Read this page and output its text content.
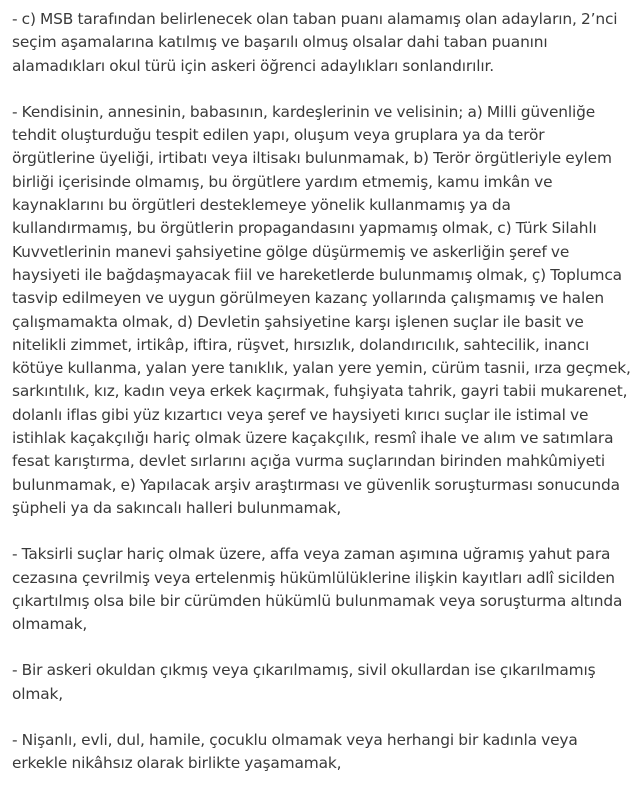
- c) MSB tarafından belirlenecek olan taban puanı alamamış olan adayların, 2’nci seçim aşamalarına katılmış ve başarılı olmuş olsalar dahi taban puanını alamadıkları okul türü için askeri öğrenci adaylıkları sonlandırılır.

- Kendisinin, annesinin, babasının, kardeşlerinin ve velisinin; a) Milli güvenliğe tehdit oluşturduğu tespit edilen yapı, oluşum veya gruplara ya da terör örgütlerine üyeliği, irtibatı veya iltisakı bulunmamak, b) Terör örgütleriyle eylem birliği içerisinde olmamış, bu örgütlere yardım etmemiş, kamu imkân ve kaynaklarını bu örgütleri desteklemeye yönelik kullanmamış ya da kullandırmamış, bu örgütlerin propagandasını yapmamış olmak, c) Türk Silahlı Kuvvetlerinin manevi şahsiyetine gölge düşürmemiş ve askerliğin şeref ve haysiyeti ile bağdaşmayacak fiil ve hareketlerde bulunmamış olmak, ç) Toplumca tasvip edilmeyen ve uygun görülmeyen kazanç yollarında çalışmamış ve halen çalışmamakta olmak, d) Devletin şahsiyetine karşı işlenen suçlar ile basit ve nitelikli zimmet, irtikâp, iftira, rüşvet, hırsızlık, dolandırıcılık, sahtecilik, inancı kötüye kullanma, yalan yere tanıklık, yalan yere yemin, cürüm tasnii, ırza geçmek, sarkıntılık, kız, kadın veya erkek kaçırmak, fuhşiyata tahrik, gayri tabii mukarenet, dolanlı iflas gibi yüz kızartıcı veya şeref ve haysiyeti kırıcı suçlar ile istimal ve istihlak kaçakçılığı hariç olmak üzere kaçakçılık, resmî ihale ve alım ve satımlara fesat karıştırma, devlet sırlarını açığa vurma suçlarından birinden mahkûmiyeti bulunmamak, e) Yapılacak arşiv araştırması ve güvenlik soruşturması sonucunda şüpheli ya da sakıncalı halleri bulunmamak,

- Taksirli suçlar hariç olmak üzere, affa veya zaman aşımına uğramış yahut para cezasına çevrilmiş veya ertelenmiş hükümlülüklerine ilişkin kayıtları adlî sicilden çıkartılmış olsa bile bir cürümden hükümlü bulunmamak veya soruşturma altında olmamak,

- Bir askeri okuldan çıkmış veya çıkarılmamış, sivil okullardan ise çıkarılmamış olmak,

- Nişanlı, evli, dul, hamile, çocuklu olmamak veya herhangi bir kadınla veya erkekle nikâhsız olarak birlikte yaşamamak,
